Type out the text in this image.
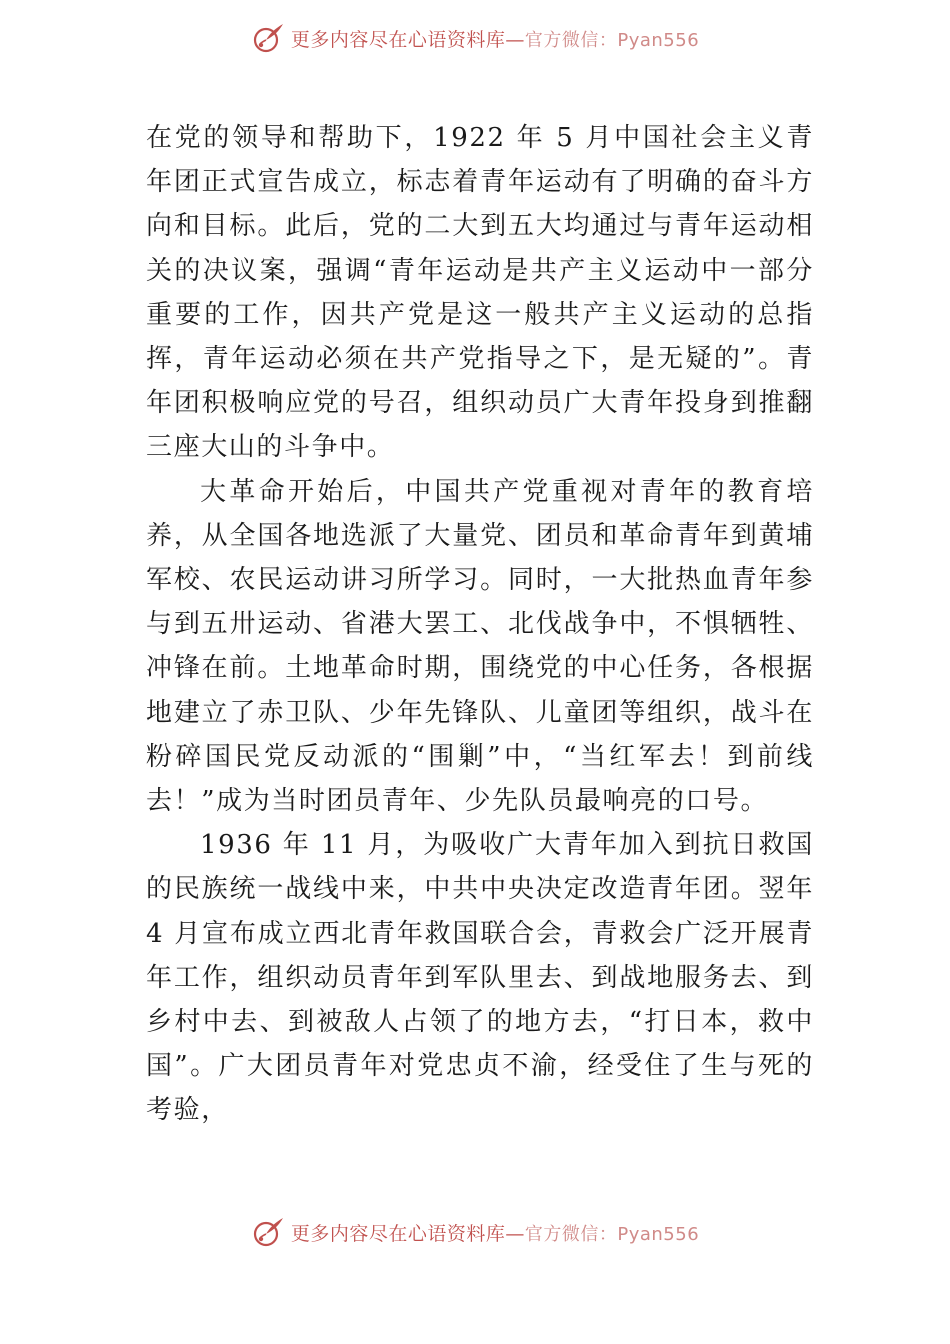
更多内容尽在心语资料库—官方微信：Pyan556

在党的领导和帮助下，1922 年 5 月中国社会主义青年团正式宣告成立，标志着青年运动有了明确的奋斗方向和目标。此后，党的二大到五大均通过与青年运动相关的决议案，强调“青年运动是共产主义运动中一部分重要的工作，因共产党是这一般共产主义运动的总指挥，青年运动必须在共产党指导之下，是无疑的”。青年团积极响应党的号召，组织动员广大青年投身到推翻三座大山的斗争中。

大革命开始后，中国共产党重视对青年的教育培养，从全国各地选派了大量党、团员和革命青年到黄埔军校、农民运动讲习所学习。同时，一大批热血青年参与到五卅运动、省港大罢工、北伐战争中，不惧牺牲、冲锋在前。土地革命时期，围绕党的中心任务，各根据地建立了赤卫队、少年先锋队、儿童团等组织，战斗在粉碎国民党反动派的“围剿”中，“当红军去！到前线去！”成为当时团员青年、少先队员最响亮的口号。

1936 年 11 月，为吸收广大青年加入到抗日救国的民族统一战线中来，中共中央决定改造青年团。翌年 4 月宣布成立西北青年救国联合会，青救会广泛开展青年工作，组织动员青年到军队里去、到战地服务去、到乡村中去、到被敌人占领了的地方去，“打日本，救中国”。广大团员青年对党忠贞不渝，经受住了生与死的考验，

更多内容尽在心语资料库—官方微信：Pyan556
